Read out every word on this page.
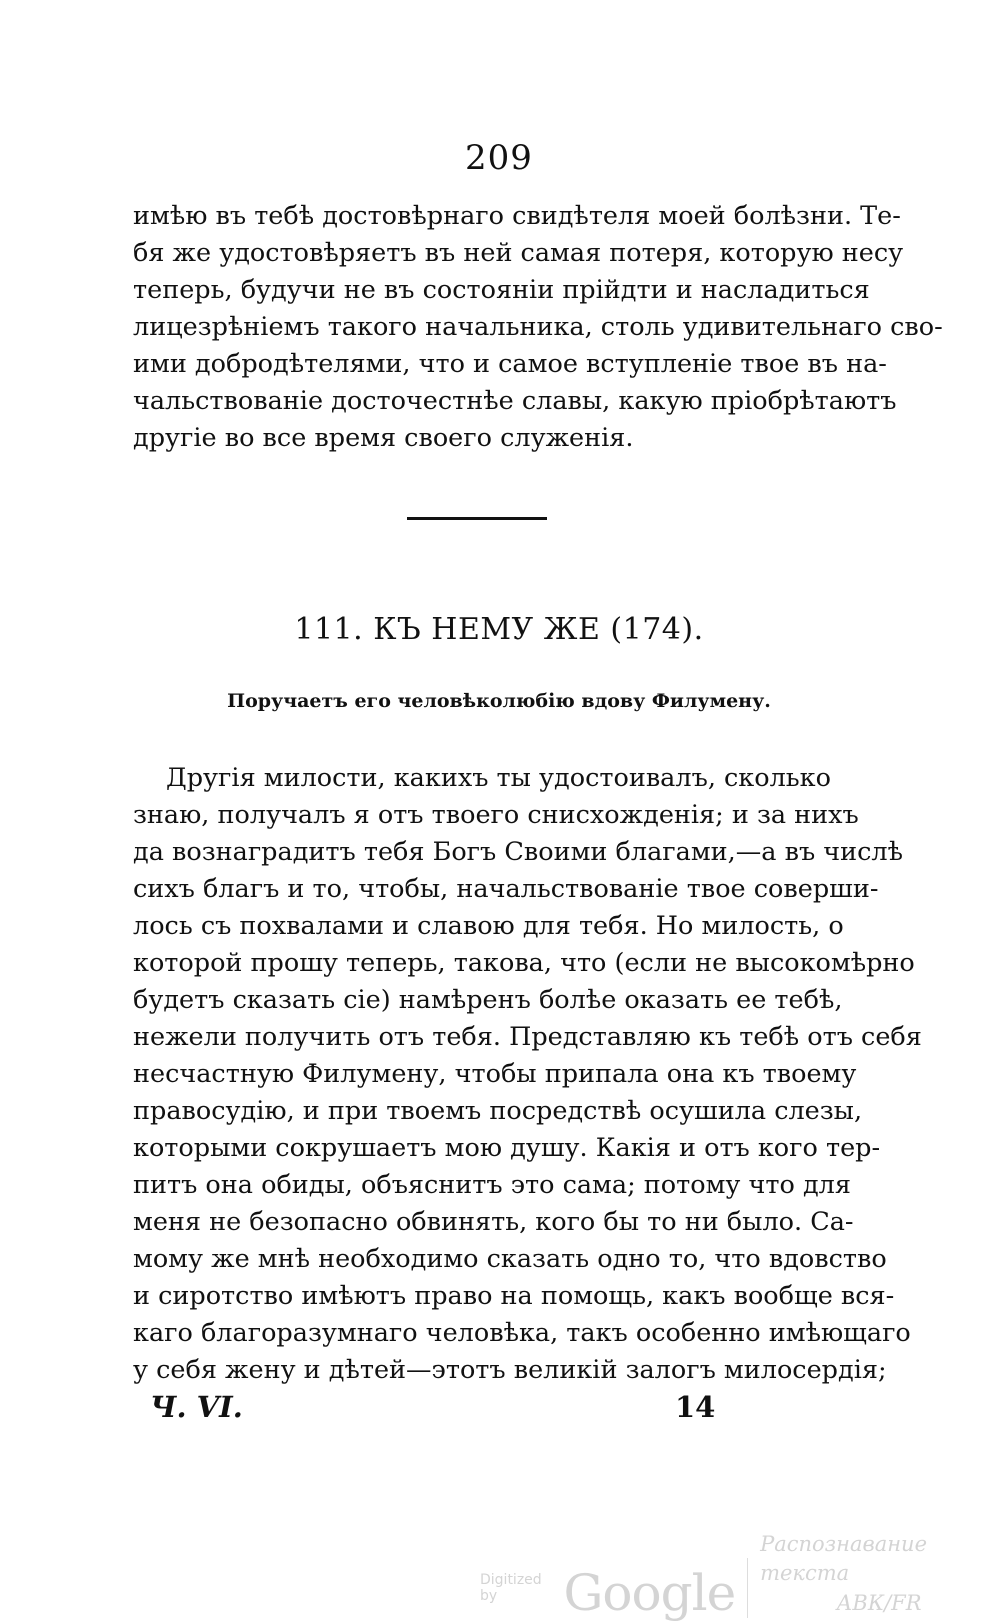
209
имѣю въ тебѣ достовѣрнаго свидѣтеля моей болѣзни. Те-
бя же удостовѣряетъ въ ней самая потеря, которую несу
теперь, будучи не въ состояніи прійдти и насладиться
лицезрѣніемъ такого начальника, столь удивительнаго сво-
ими добродѣтелями, что и самое вступленіе твое въ на-
чальствованіе досточестнѣе славы, какую пріобрѣтаютъ
другіе во все время своего служенія.
111. КЪ НЕМУ ЖЕ (174).
Поручаетъ его человѣколюбію вдову Филумену.
Другія милости, какихъ ты удостоивалъ, сколько
знаю, получалъ я отъ твоего снисхожденія; и за нихъ
да вознаградитъ тебя Богъ Своими благами,—а въ числѣ
сихъ благъ и то, чтобы, начальствованіе твое соверши-
лось съ похвалами и славою для тебя. Но милость, о
которой прошу теперь, такова, что (если не высокомѣрно
будетъ сказать сіе) намѣренъ болѣе оказать ее тебѣ,
нежели получить отъ тебя. Представляю къ тебѣ отъ себя
несчастную Филумену, чтобы припала она къ твоему
правосудію, и при твоемъ посредствѣ осушила слезы,
которыми сокрушаетъ мою душу. Какія и отъ кого тер-
питъ она обиды, объяснитъ это сама; потому что для
меня не безопасно обвинять, кого бы то ни было. Са-
мому же мнѣ необходимо сказать одно то, что вдовство
и сиротство имѣютъ право на помощь, какъ вообще вся-
каго благоразумнаго человѣка, такъ особенно имѣющаго
у себя жену и дѣтей—этотъ великій залогъ милосердія;
Ч. VI.	14
Digitized by	Google
Распознавание текста
АВК/FR
